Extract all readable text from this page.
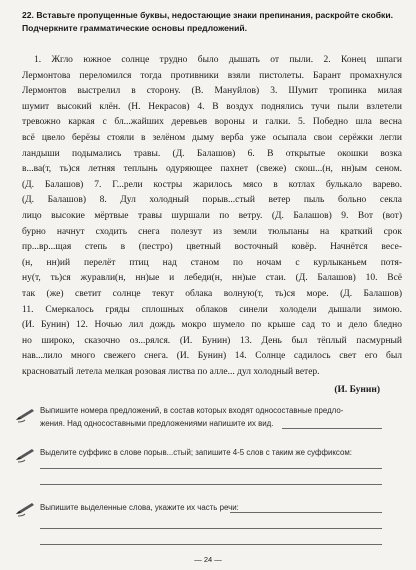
22. Вставьте пропущенные буквы, недостающие знаки препинания, раскройте скобки.
Подчеркните грамматические основы предложений.
1. Жгло южное солнце трудно было дышать от пыли. 2. Конец шпаги
Лермонтова переломился тогда противники взяли пистолеты. Барант промахнулся
Лермонтов выстрелил в сторону. (В. Мануйлов) 3. Шумит тропинка милая
шумит высокий клён. (Н. Некрасов) 4. В воздух поднялись тучи пыли взлетели
тревожно каркая с бл...жайших деревьев вороны и галки. 5. Победно шла весна
всё цвело берёзы стояли в зелёном дыму верба уже осыпала свои серёжки легли
ландыши подымались травы. (Д. Балашов) 6. В открытые окошки возка
в...ва(т, ть)ся летняя теплынь одуряющее пахнет (свеже) скош...(н, нн)ым сеном.
(Д. Балашов) 7. Г...рели костры жарилось мясо в котлах булькало варево.
(Д. Балашов) 8. Дул холодный порыв...стый ветер пыль больно секла
лицо высокие мёртвые травы шуршали по ветру. (Д. Балашов) 9. Вот (вот)
бурно начнут сходить снега полезут из земли тюльпаны на краткий срок
пр...вр...щая степь в (пестро) цветный восточный ковёр. Начнётся весе-
(н, нн)ий перелёт птиц над станом по ночам с курлыканьем потя-
ну(т, ть)ся журавли(н, нн)ые и лебеди(н, нн)ые стаи. (Д. Балашов) 10. Всё
так (же) светит солнце текут облака волную(т, ть)ся море. (Д. Балашов)
11. Смеркалось гряды сплошных облаков синели холодели дышали зимою.
(И. Бунин) 12. Ночью лил дождь мокро шумело по крыше сад то и дело бледно
но широко, сказочно оз...рялся. (И. Бунин) 13. День был тёплый пасмурный
нав...лило много свежего снега. (И. Бунин) 14. Солнце садилось свет его был
красноватый летела мелкая розовая листва по алле... дул холодный ветер.
(И. Бунин)
Выпишите номера предложений, в состав которых входят односоставные предло-
жения. Над односоставными предложениями напишите их вид.
Выделите суффикс в слове порыв...стый; запишите 4-5 слов с таким же суффиксом:
Выпишите выделенные слова, укажите их часть речи:
— 24 —
